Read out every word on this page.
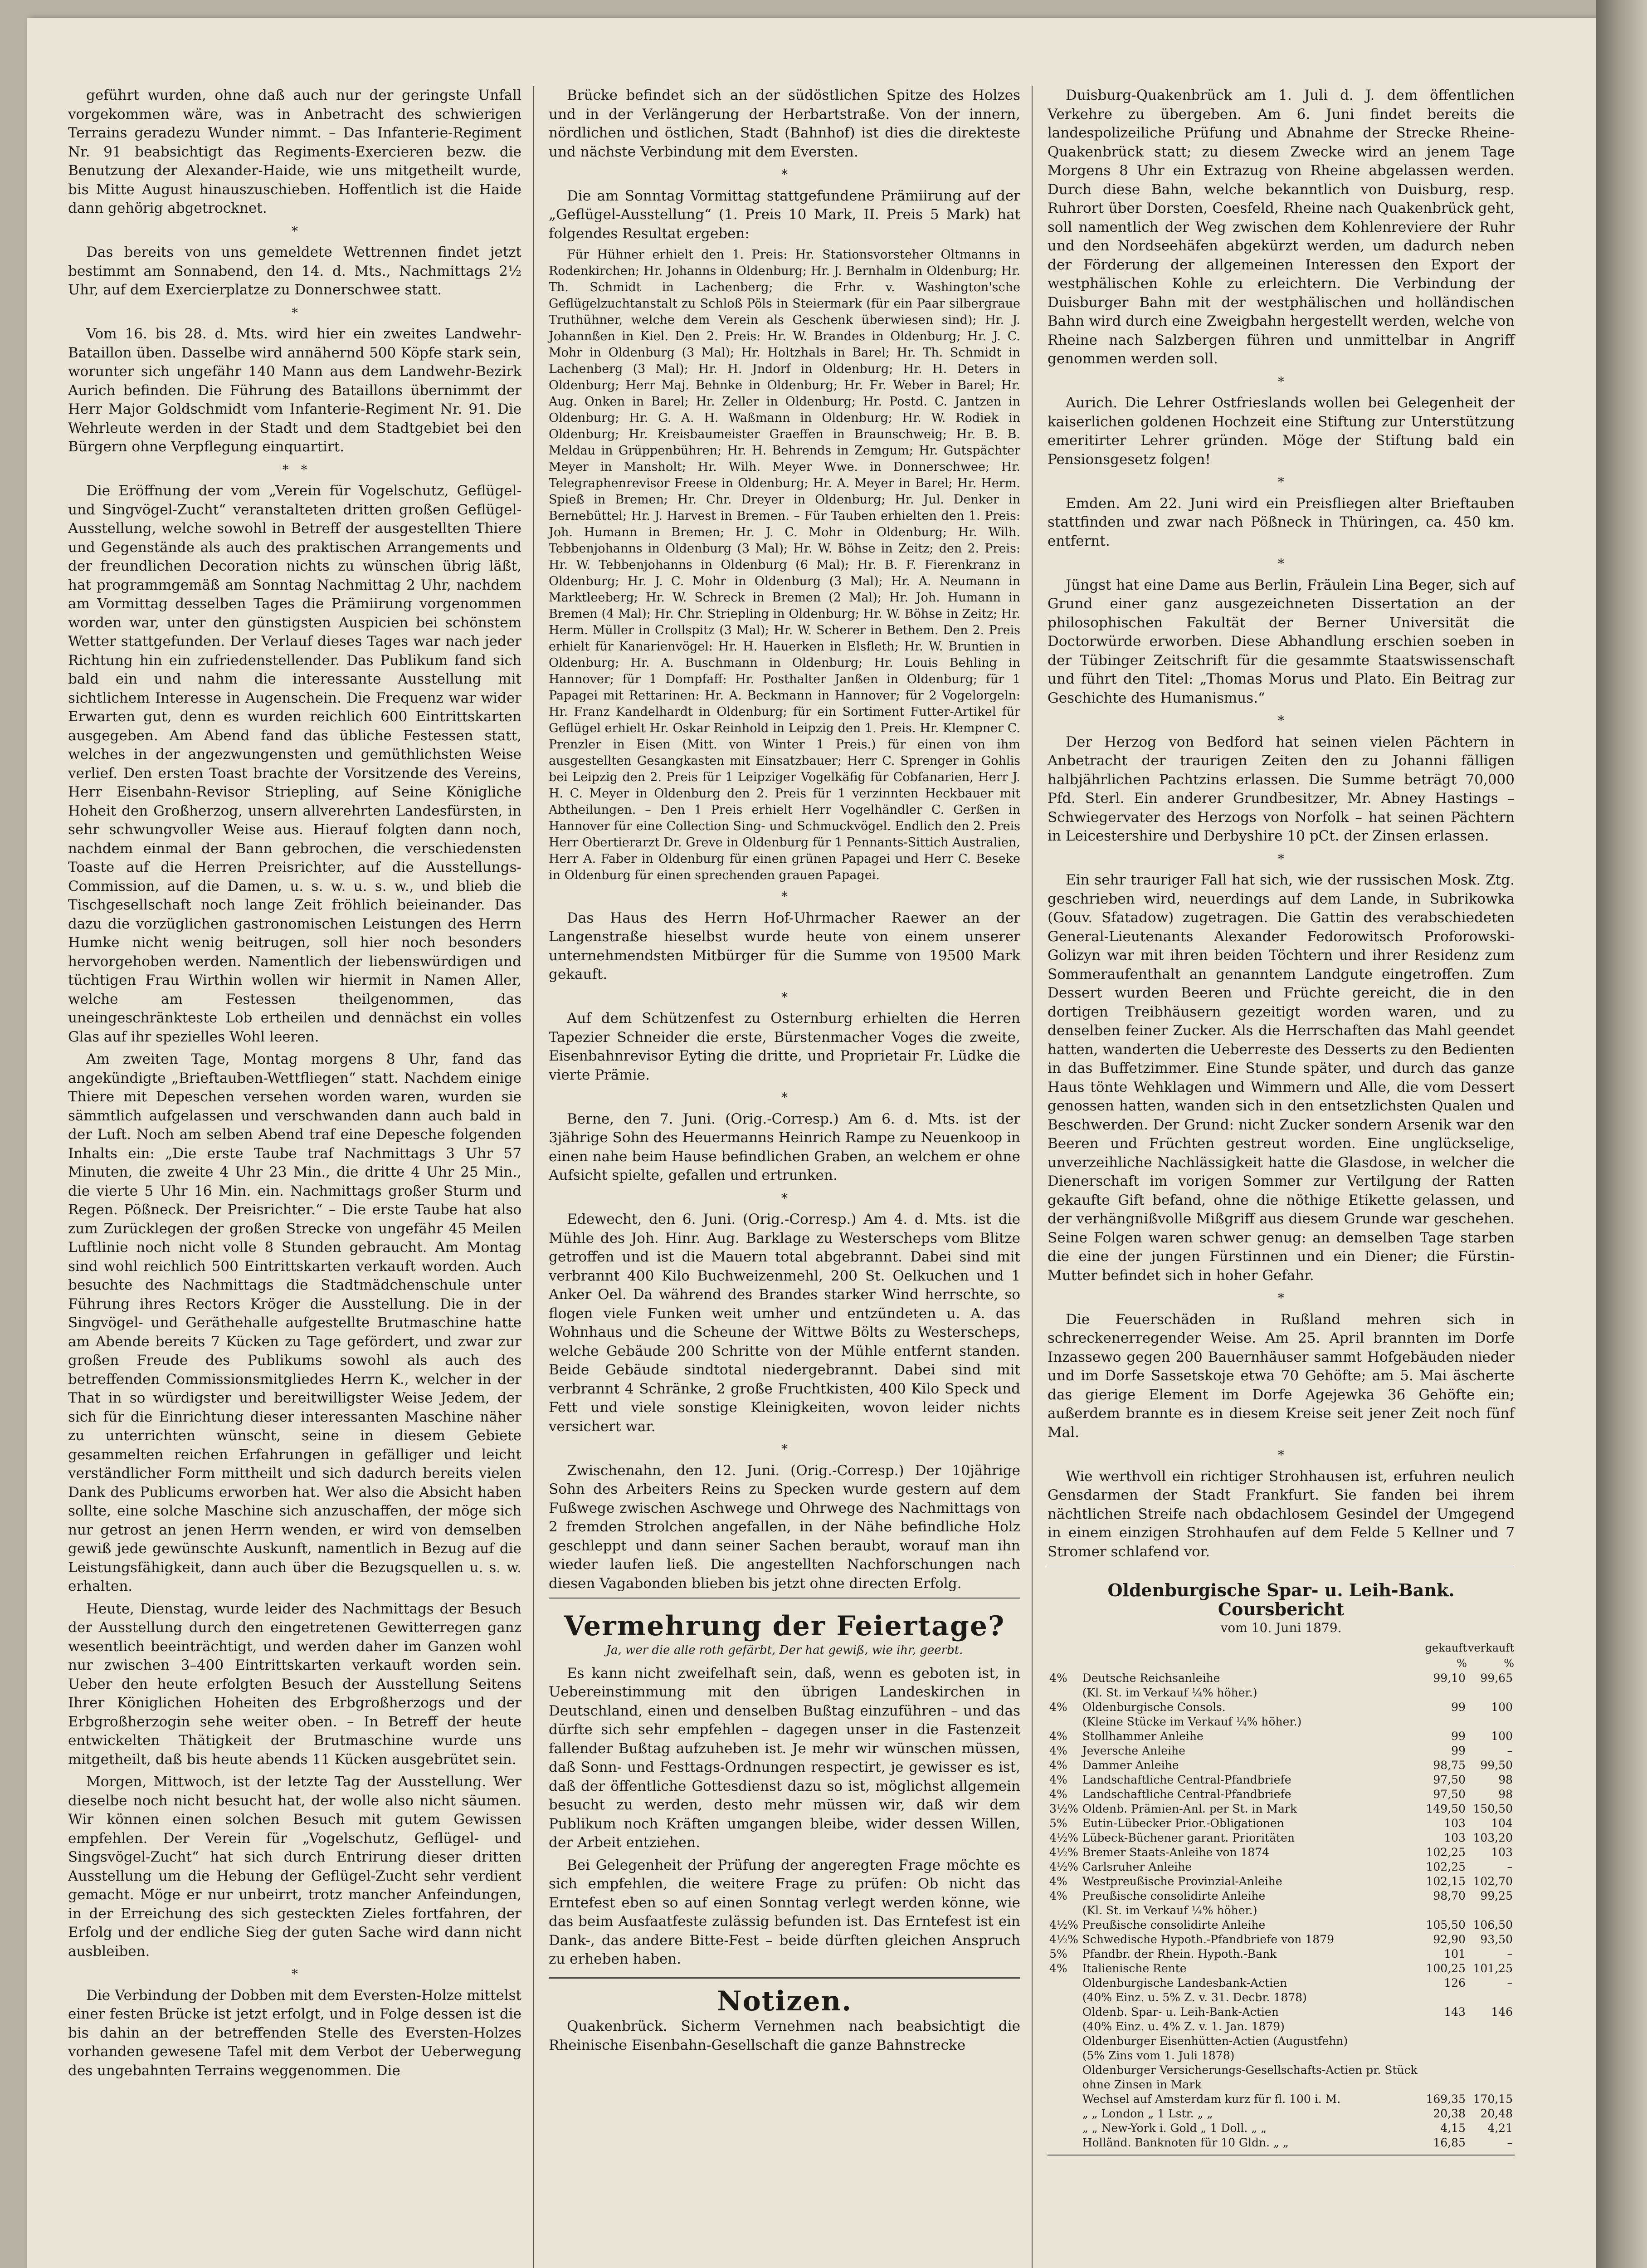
geführt wurden, ohne daß auch nur der geringste Unfall vorgekommen wäre, was in Anbetracht des schwierigen Terrains geradezu Wunder nimmt. – Das Infanterie-Regiment Nr. 91 beabsichtigt das Regiments-Exercieren bezw. die Benutzung der Alexander-Haide, wie uns mitgetheilt wurde, bis Mitte August hinauszuschieben. Hoffentlich ist die Haide dann gehörig abgetrocknet.

*

Das bereits von uns gemeldete Wettrennen findet jetzt bestimmt am Sonnabend, den 14. d. Mts., Nachmittags 2½ Uhr, auf dem Exercierplatze zu Donnerschwee statt.

*

Vom 16. bis 28. d. Mts. wird hier ein zweites Landwehr-Bataillon üben. Dasselbe wird annähernd 500 Köpfe stark sein, worunter sich ungefähr 140 Mann aus dem Landwehr-Bezirk Aurich befinden. Die Führung des Bataillons übernimmt der Herr Major Goldschmidt vom Infanterie-Regiment Nr. 91. Die Wehrleute werden in der Stadt und dem Stadtgebiet bei den Bürgern ohne Verpflegung einquartirt.

*   *

Die Eröffnung der vom „Verein für Vogelschutz, Geflügel- und Singvögel-Zucht“ veranstalteten dritten großen Geflügel-Ausstellung, welche sowohl in Betreff der ausgestellten Thiere und Gegenstände als auch des praktischen Arrangements und der freundlichen Decoration nichts zu wünschen übrig läßt, hat programmgemäß am Sonntag Nachmittag 2 Uhr, nachdem am Vormittag desselben Tages die Prämiirung vorgenommen worden war, unter den günstigsten Auspicien bei schönstem Wetter stattgefunden. Der Verlauf dieses Tages war nach jeder Richtung hin ein zufriedenstellender. Das Publikum fand sich bald ein und nahm die interessante Ausstellung mit sichtlichem Interesse in Augenschein. Die Frequenz war wider Erwarten gut, denn es wurden reichlich 600 Eintrittskarten ausgegeben. Am Abend fand das übliche Festessen statt, welches in der angezwungensten und gemüthlichsten Weise verlief. Den ersten Toast brachte der Vorsitzende des Vereins, Herr Eisenbahn-Revisor Striepling, auf Seine Königliche Hoheit den Großherzog, unsern allverehrten Landesfürsten, in sehr schwungvoller Weise aus. Hierauf folgten dann noch, nachdem einmal der Bann gebrochen, die verschiedensten Toaste auf die Herren Preisrichter, auf die Ausstellungs-Commission, auf die Damen, u. s. w. u. s. w., und blieb die Tischgesellschaft noch lange Zeit fröhlich beieinander. Das dazu die vorzüglichen gastronomischen Leistungen des Herrn Humke nicht wenig beitrugen, soll hier noch besonders hervorgehoben werden. Namentlich der liebenswürdigen und tüchtigen Frau Wirthin wollen wir hiermit in Namen Aller, welche am Festessen theilgenommen, das uneingeschränkteste Lob ertheilen und dennächst ein volles Glas auf ihr spezielles Wohl leeren.

Am zweiten Tage, Montag morgens 8 Uhr, fand das angekündigte „Brieftauben-Wettfliegen“ statt. Nachdem einige Thiere mit Depeschen versehen worden waren, wurden sie sämmtlich aufgelassen und verschwanden dann auch bald in der Luft. Noch am selben Abend traf eine Depesche folgenden Inhalts ein: „Die erste Taube traf Nachmittags 3 Uhr 57 Minuten, die zweite 4 Uhr 23 Min., die dritte 4 Uhr 25 Min., die vierte 5 Uhr 16 Min. ein. Nachmittags großer Sturm und Regen. Pößneck. Der Preisrichter.“ – Die erste Taube hat also zum Zurücklegen der großen Strecke von ungefähr 45 Meilen Luftlinie noch nicht volle 8 Stunden gebraucht. Am Montag sind wohl reichlich 500 Eintrittskarten verkauft worden. Auch besuchte des Nachmittags die Stadtmädchenschule unter Führung ihres Rectors Kröger die Ausstellung. Die in der Singvögel- und Geräthehalle aufgestellte Brutmaschine hatte am Abende bereits 7 Kücken zu Tage gefördert, und zwar zur großen Freude des Publikums sowohl als auch des betreffenden Commissionsmitgliedes Herrn K., welcher in der That in so würdigster und bereitwilligster Weise Jedem, der sich für die Einrichtung dieser interessanten Maschine näher zu unterrichten wünscht, seine in diesem Gebiete gesammelten reichen Erfahrungen in gefälliger und leicht verständlicher Form mittheilt und sich dadurch bereits vielen Dank des Publicums erworben hat. Wer also die Absicht haben sollte, eine solche Maschine sich anzuschaffen, der möge sich nur getrost an jenen Herrn wenden, er wird von demselben gewiß jede gewünschte Auskunft, namentlich in Bezug auf die Leistungsfähigkeit, dann auch über die Bezugsquellen u. s. w. erhalten.

Heute, Dienstag, wurde leider des Nachmittags der Besuch der Ausstellung durch den eingetretenen Gewitterregen ganz wesentlich beeinträchtigt, und werden daher im Ganzen wohl nur zwischen 3–400 Eintrittskarten verkauft worden sein. Ueber den heute erfolgten Besuch der Ausstellung Seitens Ihrer Königlichen Hoheiten des Erbgroßherzogs und der Erbgroßherzogin sehe weiter oben. – In Betreff der heute entwickelten Thätigkeit der Brutmaschine wurde uns mitgetheilt, daß bis heute abends 11 Kücken ausgebrütet sein.

Morgen, Mittwoch, ist der letzte Tag der Ausstellung. Wer dieselbe noch nicht besucht hat, der wolle also nicht säumen. Wir können einen solchen Besuch mit gutem Gewissen empfehlen. Der Verein für „Vogelschutz, Geflügel- und Singsvögel-Zucht“ hat sich durch Entrirung dieser dritten Ausstellung um die Hebung der Geflügel-Zucht sehr verdient gemacht. Möge er nur unbeirrt, trotz mancher Anfeindungen, in der Erreichung des sich gesteckten Zieles fortfahren, der Erfolg und der endliche Sieg der guten Sache wird dann nicht ausbleiben.

*

Die Verbindung der Dobben mit dem Eversten-Holze mittelst einer festen Brücke ist jetzt erfolgt, und in Folge dessen ist die bis dahin an der betreffenden Stelle des Eversten-Holzes vorhanden gewesene Tafel mit dem Verbot der Ueberwegung des ungebahnten Terrains weggenommen. Die

Brücke befindet sich an der südöstlichen Spitze des Holzes und in der Verlängerung der Herbartstraße. Von der innern, nördlichen und östlichen, Stadt (Bahnhof) ist dies die direkteste und nächste Verbindung mit dem Eversten.

*

Die am Sonntag Vormittag stattgefundene Prämiirung auf der „Geflügel-Ausstellung“ (1. Preis 10 Mark, II. Preis 5 Mark) hat folgendes Resultat ergeben:

Für Hühner erhielt den 1. Preis: Hr. Stationsvorsteher Oltmanns in Rodenkirchen; Hr. Johanns in Oldenburg; Hr. J. Bernhalm in Oldenburg; Hr. Th. Schmidt in Lachenberg; die Frhr. v. Washington'sche Geflügelzuchtanstalt zu Schloß Pöls in Steiermark (für ein Paar silbergraue Truthühner, welche dem Verein als Geschenk überwiesen sind); Hr. J. Johannßen in Kiel. Den 2. Preis: Hr. W. Brandes in Oldenburg; Hr. J. C. Mohr in Oldenburg (3 Mal); Hr. Holtzhals in Barel; Hr. Th. Schmidt in Lachenberg (3 Mal); Hr. H. Jndorf in Oldenburg; Hr. H. Deters in Oldenburg; Herr Maj. Behnke in Oldenburg; Hr. Fr. Weber in Barel; Hr. Aug. Onken in Barel; Hr. Zeller in Oldenburg; Hr. Postd. C. Jantzen in Oldenburg; Hr. G. A. H. Waßmann in Oldenburg; Hr. W. Rodiek in Oldenburg; Hr. Kreisbaumeister Graeffen in Braunschweig; Hr. B. B. Meldau in Grüppenbühren; Hr. H. Behrends in Zemgum; Hr. Gutspächter Meyer in Mansholt; Hr. Wilh. Meyer Wwe. in Donnerschwee; Hr. Telegraphenrevisor Freese in Oldenburg; Hr. A. Meyer in Barel; Hr. Herm. Spieß in Bremen; Hr. Chr. Dreyer in Oldenburg; Hr. Jul. Denker in Bernebüttel; Hr. J. Harvest in Bremen. – Für Tauben erhielten den 1. Preis: Joh. Humann in Bremen; Hr. J. C. Mohr in Oldenburg; Hr. Wilh. Tebbenjohanns in Oldenburg (3 Mal); Hr. W. Böhse in Zeitz; den 2. Preis: Hr. W. Tebbenjohanns in Oldenburg (6 Mal); Hr. B. F. Fierenkranz in Oldenburg; Hr. J. C. Mohr in Oldenburg (3 Mal); Hr. A. Neumann in Marktleeberg; Hr. W. Schreck in Bremen (2 Mal); Hr. Joh. Humann in Bremen (4 Mal); Hr. Chr. Striepling in Oldenburg; Hr. W. Böhse in Zeitz; Hr. Herm. Müller in Crollspitz (3 Mal); Hr. W. Scherer in Bethem. Den 2. Preis erhielt für Kanarienvögel: Hr. H. Hauerken in Elsfleth; Hr. W. Bruntien in Oldenburg; Hr. A. Buschmann in Oldenburg; Hr. Louis Behling in Hannover; für 1 Dompfaff: Hr. Posthalter Janßen in Oldenburg; für 1 Papagei mit Rettarinen: Hr. A. Beckmann in Hannover; für 2 Vogelorgeln: Hr. Franz Kandelhardt in Oldenburg; für ein Sortiment Futter-Artikel für Geflügel erhielt Hr. Oskar Reinhold in Leipzig den 1. Preis. Hr. Klempner C. Prenzler in Eisen (Mitt. von Winter 1 Preis.) für einen von ihm ausgestellten Gesangkasten mit Einsatzbauer; Herr C. Sprenger in Gohlis bei Leipzig den 2. Preis für 1 Leipziger Vogelkäfig für Cobfanarien, Herr J. H. C. Meyer in Oldenburg den 2. Preis für 1 verzinnten Heckbauer mit Abtheilungen. – Den 1 Preis erhielt Herr Vogelhändler C. Gerßen in Hannover für eine Collection Sing- und Schmuckvögel. Endlich den 2. Preis Herr Obertierarzt Dr. Greve in Oldenburg für 1 Pennants-Sittich Australien, Herr A. Faber in Oldenburg für einen grünen Papagei und Herr C. Beseke in Oldenburg für einen sprechenden grauen Papagei.

*

Das Haus des Herrn Hof-Uhrmacher Raewer an der Langenstraße hieselbst wurde heute von einem unserer unternehmendsten Mitbürger für die Summe von 19500 Mark gekauft.

*

Auf dem Schützenfest zu Osternburg erhielten die Herren Tapezier Schneider die erste, Bürstenmacher Voges die zweite, Eisenbahnrevisor Eyting die dritte, und Proprietair Fr. Lüdke die vierte Prämie.

*

Berne, den 7. Juni. (Orig.-Corresp.) Am 6. d. Mts. ist der 3jährige Sohn des Heuermanns Heinrich Rampe zu Neuenkoop in einen nahe beim Hause befindlichen Graben, an welchem er ohne Aufsicht spielte, gefallen und ertrunken.

*

Edewecht, den 6. Juni. (Orig.-Corresp.) Am 4. d. Mts. ist die Mühle des Joh. Hinr. Aug. Barklage zu Westerscheps vom Blitze getroffen und ist die Mauern total abgebrannt. Dabei sind mit verbrannt 400 Kilo Buchweizenmehl, 200 St. Oelkuchen und 1 Anker Oel. Da während des Brandes starker Wind herrschte, so flogen viele Funken weit umher und entzündeten u. A. das Wohnhaus und die Scheune der Wittwe Bölts zu Westerscheps, welche Gebäude 200 Schritte von der Mühle entfernt standen. Beide Gebäude sindtotal niedergebrannt. Dabei sind mit verbrannt 4 Schränke, 2 große Fruchtkisten, 400 Kilo Speck und Fett und viele sonstige Kleinigkeiten, wovon leider nichts versichert war.

*

Zwischenahn, den 12. Juni. (Orig.-Corresp.) Der 10jährige Sohn des Arbeiters Reins zu Specken wurde gestern auf dem Fußwege zwischen Aschwege und Ohrwege des Nachmittags von 2 fremden Strolchen angefallen, in der Nähe befindliche Holz geschleppt und dann seiner Sachen beraubt, worauf man ihn wieder laufen ließ. Die angestellten Nachforschungen nach diesen Vagabonden blieben bis jetzt ohne directen Erfolg.

Vermehrung der Feiertage?
Ja, wer die alle roth gefärbt, Der hat gewiß, wie ihr, geerbt.

Es kann nicht zweifelhaft sein, daß, wenn es geboten ist, in Uebereinstimmung mit den übrigen Landeskirchen in Deutschland, einen und denselben Bußtag einzuführen – und das dürfte sich sehr empfehlen – dagegen unser in die Fastenzeit fallender Bußtag aufzuheben ist. Je mehr wir wünschen müssen, daß Sonn- und Festtags-Ordnungen respectirt, je gewisser es ist, daß der öffentliche Gottesdienst dazu so ist, möglichst allgemein besucht zu werden, desto mehr müssen wir, daß wir dem Publikum noch Kräften umgangen bleibe, wider dessen Willen, der Arbeit entziehen.

Bei Gelegenheit der Prüfung der angeregten Frage möchte es sich empfehlen, die weitere Frage zu prüfen: Ob nicht das Erntefest eben so auf einen Sonntag verlegt werden könne, wie das beim Ausfaatfeste zulässig befunden ist. Das Erntefest ist ein Dank-, das andere Bitte-Fest – beide dürften gleichen Anspruch zu erheben haben.

Notizen.

Quakenbrück. Sicherm Vernehmen nach beabsichtigt die Rheinische Eisenbahn-Gesellschaft die ganze Bahnstrecke

Duisburg-Quakenbrück am 1. Juli d. J. dem öffentlichen Verkehre zu übergeben. Am 6. Juni findet bereits die landespolizeiliche Prüfung und Abnahme der Strecke Rheine-Quakenbrück statt; zu diesem Zwecke wird an jenem Tage Morgens 8 Uhr ein Extrazug von Rheine abgelassen werden. Durch diese Bahn, welche bekanntlich von Duisburg, resp. Ruhrort über Dorsten, Coesfeld, Rheine nach Quakenbrück geht, soll namentlich der Weg zwischen dem Kohlenreviere der Ruhr und den Nordseehäfen abgekürzt werden, um dadurch neben der Förderung der allgemeinen Interessen den Export der westphälischen Kohle zu erleichtern. Die Verbindung der Duisburger Bahn mit der westphälischen und holländischen Bahn wird durch eine Zweigbahn hergestellt werden, welche von Rheine nach Salzbergen führen und unmittelbar in Angriff genommen werden soll.

*

Aurich. Die Lehrer Ostfrieslands wollen bei Gelegenheit der kaiserlichen goldenen Hochzeit eine Stiftung zur Unterstützung emeritirter Lehrer gründen. Möge der Stiftung bald ein Pensionsgesetz folgen!

*

Emden. Am 22. Juni wird ein Preisfliegen alter Brieftauben stattfinden und zwar nach Pößneck in Thüringen, ca. 450 km. entfernt.

*

Jüngst hat eine Dame aus Berlin, Fräulein Lina Beger, sich auf Grund einer ganz ausgezeichneten Dissertation an der philosophischen Fakultät der Berner Universität die Doctorwürde erworben. Diese Abhandlung erschien soeben in der Tübinger Zeitschrift für die gesammte Staatswissenschaft und führt den Titel: „Thomas Morus und Plato. Ein Beitrag zur Geschichte des Humanismus.“

*

Der Herzog von Bedford hat seinen vielen Pächtern in Anbetracht der traurigen Zeiten den zu Johanni fälligen halbjährlichen Pachtzins erlassen. Die Summe beträgt 70,000 Pfd. Sterl. Ein anderer Grundbesitzer, Mr. Abney Hastings – Schwiegervater des Herzogs von Norfolk – hat seinen Pächtern in Leicestershire und Derbyshire 10 pCt. der Zinsen erlassen.

*

Ein sehr trauriger Fall hat sich, wie der russischen Mosk. Ztg. geschrieben wird, neuerdings auf dem Lande, in Subrikowka (Gouv. Sfatadow) zugetragen. Die Gattin des verabschiedeten General-Lieutenants Alexander Fedorowitsch Proforowski-Golizyn war mit ihren beiden Töchtern und ihrer Residenz zum Sommeraufenthalt an genanntem Landgute eingetroffen. Zum Dessert wurden Beeren und Früchte gereicht, die in den dortigen Treibhäusern gezeitigt worden waren, und zu denselben feiner Zucker. Als die Herrschaften das Mahl geendet hatten, wanderten die Ueberreste des Desserts zu den Bedienten in das Buffetzimmer. Eine Stunde später, und durch das ganze Haus tönte Wehklagen und Wimmern und Alle, die vom Dessert genossen hatten, wanden sich in den entsetzlichsten Qualen und Beschwerden. Der Grund: nicht Zucker sondern Arsenik war den Beeren und Früchten gestreut worden. Eine unglückselige, unverzeihliche Nachlässigkeit hatte die Glasdose, in welcher die Dienerschaft im vorigen Sommer zur Vertilgung der Ratten gekaufte Gift befand, ohne die nöthige Etikette gelassen, und der verhängnißvolle Mißgriff aus diesem Grunde war geschehen. Seine Folgen waren schwer genug: an demselben Tage starben die eine der jungen Fürstinnen und ein Diener; die Fürstin-Mutter befindet sich in hoher Gefahr.

*

Die Feuerschäden in Rußland mehren sich in schreckenerregender Weise. Am 25. April brannten im Dorfe Inzassewo gegen 200 Bauernhäuser sammt Hofgebäuden nieder und im Dorfe Sassetskoje etwa 70 Gehöfte; am 5. Mai äscherte das gierige Element im Dorfe Agejewka 36 Gehöfte ein; außerdem brannte es in diesem Kreise seit jener Zeit noch fünf Mal.

*

Wie werthvoll ein richtiger Strohhausen ist, erfuhren neulich Gensdarmen der Stadt Frankfurt. Sie fanden bei ihrem nächtlichen Streife nach obdachlosem Gesindel der Umgegend in einem einzigen Strohhaufen auf dem Felde 5 Kellner und 7 Stromer schlafend vor.

Oldenburgische Spar- u. Leih-Bank. Coursbericht
vom 10. Juni 1879.
		gekauft	verkauft
		%	%
4%	Deutsche Reichsanleihe	99,10	99,65
	(Kl. St. im Verkauf ¼% höher.)		
4%	Oldenburgische Consols.	99	100
	(Kleine Stücke im Verkauf ¼% höher.)		
4%	Stollhammer Anleihe	99	100
4%	Jeversche Anleihe	99	–
4%	Dammer Anleihe	98,75	99,50
4%	Landschaftliche Central-Pfandbriefe	97,50	98
4%	Landschaftliche Central-Pfandbriefe	97,50	98
3½%	Oldenb. Prämien-Anl. per St. in Mark	149,50	150,50
5%	Eutin-Lübecker Prior.-Obligationen	103	104
4½%	Lübeck-Büchener garant. Prioritäten	103	103,20
4½%	Bremer Staats-Anleihe von 1874	102,25	103
4½%	Carlsruher Anleihe	102,25	–
4%	Westpreußische Provinzial-Anleihe	102,15	102,70
4%	Preußische consolidirte Anleihe	98,70	99,25
	(Kl. St. im Verkauf ¼% höher.)		
4½%	Preußische consolidirte Anleihe	105,50	106,50
4½%	Schwedische Hypoth.-Pfandbriefe von 1879	92,90	93,50
5%	Pfandbr. der Rhein. Hypoth.-Bank	101	–
4%	Italienische Rente	100,25	101,25
	Oldenburgische Landesbank-Actien	126	–
	(40% Einz. u. 5% Z. v. 31. Decbr. 1878)		
	Oldenb. Spar- u. Leih-Bank-Actien	143	146
	(40% Einz. u. 4% Z. v. 1. Jan. 1879)		
	Oldenburger Eisenhütten-Actien (Augustfehn)		
	(5% Zins vom 1. Juli 1878)		
	Oldenburger Versicherungs-Gesellschafts-Actien pr. Stück		
	ohne Zinsen in Mark		
	Wechsel auf Amsterdam kurz für fl. 100 i. M.	169,35	170,15
	„ „ London „ 1 Lstr. „ „	20,38	20,48
	„ „ New-York i. Gold „ 1 Doll. „ „	4,15	4,21
	Holländ. Banknoten für 10 Gldn. „ „	16,85	–
